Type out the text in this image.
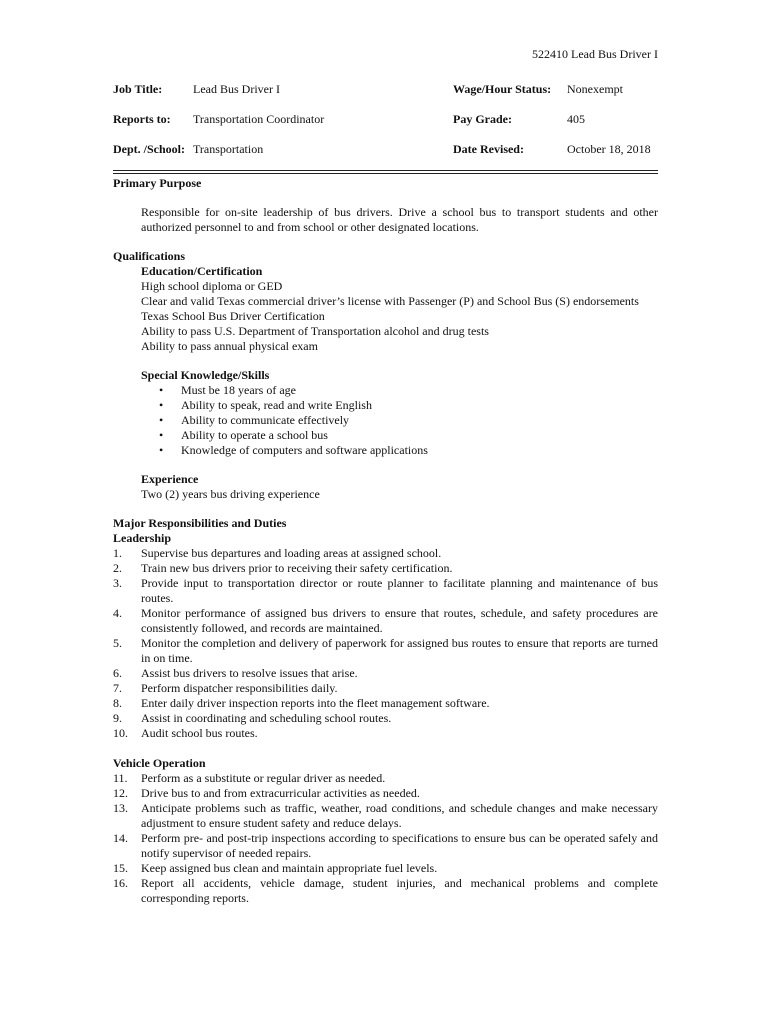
522410 Lead Bus Driver I
Job Title:	Lead Bus Driver I	Wage/Hour Status: Nonexempt
Reports to: Transportation Coordinator	Pay Grade:	405
Dept. /School: Transportation	Date Revised:	October 18, 2018
Primary Purpose
Responsible for on-site leadership of bus drivers. Drive a school bus to transport students and other authorized personnel to and from school or other designated locations.
Qualifications
Education/Certification
High school diploma or GED
Clear and valid Texas commercial driver’s license with Passenger (P) and School Bus (S) endorsements
Texas School Bus Driver Certification
Ability to pass U.S. Department of Transportation alcohol and drug tests
Ability to pass annual physical exam
Special Knowledge/Skills
• Must be 18 years of age
• Ability to speak, read and write English
• Ability to communicate effectively
• Ability to operate a school bus
• Knowledge of computers and software applications
Experience
Two (2) years bus driving experience
Major Responsibilities and Duties
Leadership
1. Supervise bus departures and loading areas at assigned school.
2. Train new bus drivers prior to receiving their safety certification.
3. Provide input to transportation director or route planner to facilitate planning and maintenance of bus routes.
4. Monitor performance of assigned bus drivers to ensure that routes, schedule, and safety procedures are consistently followed, and records are maintained.
5. Monitor the completion and delivery of paperwork for assigned bus routes to ensure that reports are turned in on time.
6. Assist bus drivers to resolve issues that arise.
7. Perform dispatcher responsibilities daily.
8. Enter daily driver inspection reports into the fleet management software.
9. Assist in coordinating and scheduling school routes.
10. Audit school bus routes.
Vehicle Operation
11. Perform as a substitute or regular driver as needed.
12. Drive bus to and from extracurricular activities as needed.
13. Anticipate problems such as traffic, weather, road conditions, and schedule changes and make necessary adjustment to ensure student safety and reduce delays.
14. Perform pre- and post-trip inspections according to specifications to ensure bus can be operated safely and notify supervisor of needed repairs.
15. Keep assigned bus clean and maintain appropriate fuel levels.
16. Report all accidents, vehicle damage, student injuries, and mechanical problems and complete corresponding reports.
